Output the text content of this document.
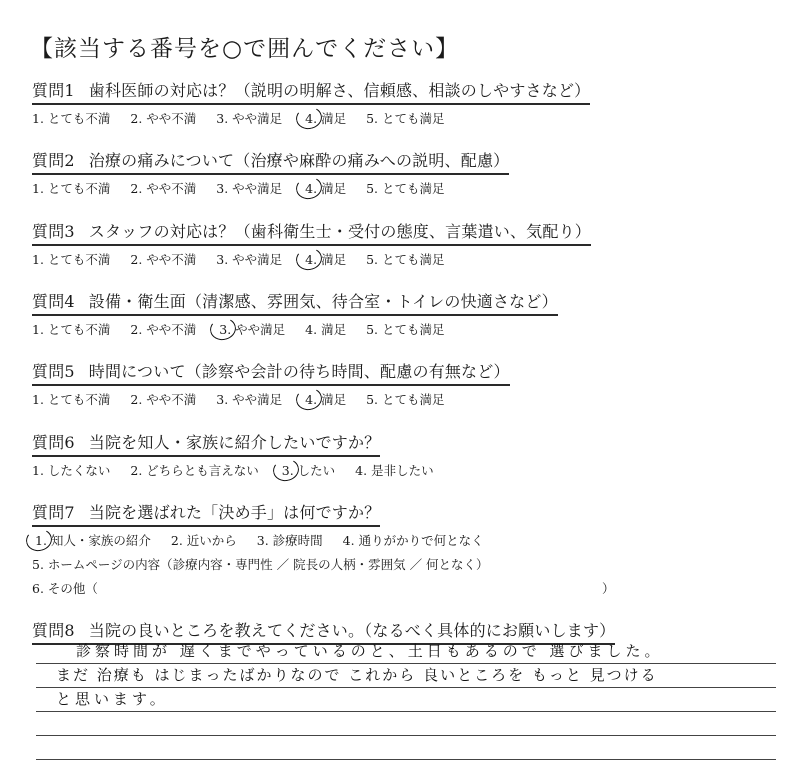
【該当する番号を○で囲んでください】
質問1 歯科医師の対応は？（説明の明解さ、信頼感、相談のしやすさなど）
1. とても不満 2. やや不満 3. やや満足 4. 満足 5. とても満足
質問2 治療の痛みについて（治療や麻酔の痛みへの説明、配慮）
1. とても不満 2. やや不満 3. やや満足 4. 満足 5. とても満足
質問3 スタッフの対応は？（歯科衛生士・受付の態度、言葉遣い、気配り）
1. とても不満 2. やや不満 3. やや満足 4. 満足 5. とても満足
質問4 設備・衛生面（清潔感、雰囲気、待合室・トイレの快適さなど）
1. とても不満 2. やや不満 3. やや満足 4. 満足 5. とても満足
質問5 時間について（診察や会計の待ち時間、配慮の有無など）
1. とても不満 2. やや不満 3. やや満足 4. 満足 5. とても満足
質問6 当院を知人・家族に紹介したいですか？
1. したくない 2. どちらとも言えない 3. したい 4. 是非したい
質問7 当院を選ばれた「決め手」は何ですか？
1. 知人・家族の紹介 2. 近いから 3. 診療時間 4. 通りがかりで何となく
5. ホームページの内容（診療内容・専門性 ／ 院長の人柄・雰囲気 ／ 何となく）
6. その他（	）
質問8 当院の良いところを教えてください。（なるべく具体的にお願いします）
診察時間が 遅くまでやっているのと、土日もあるので 選びました。
まだ 治療も はじまったばかりなので これから 良いところを もっと 見つける
と思います。
